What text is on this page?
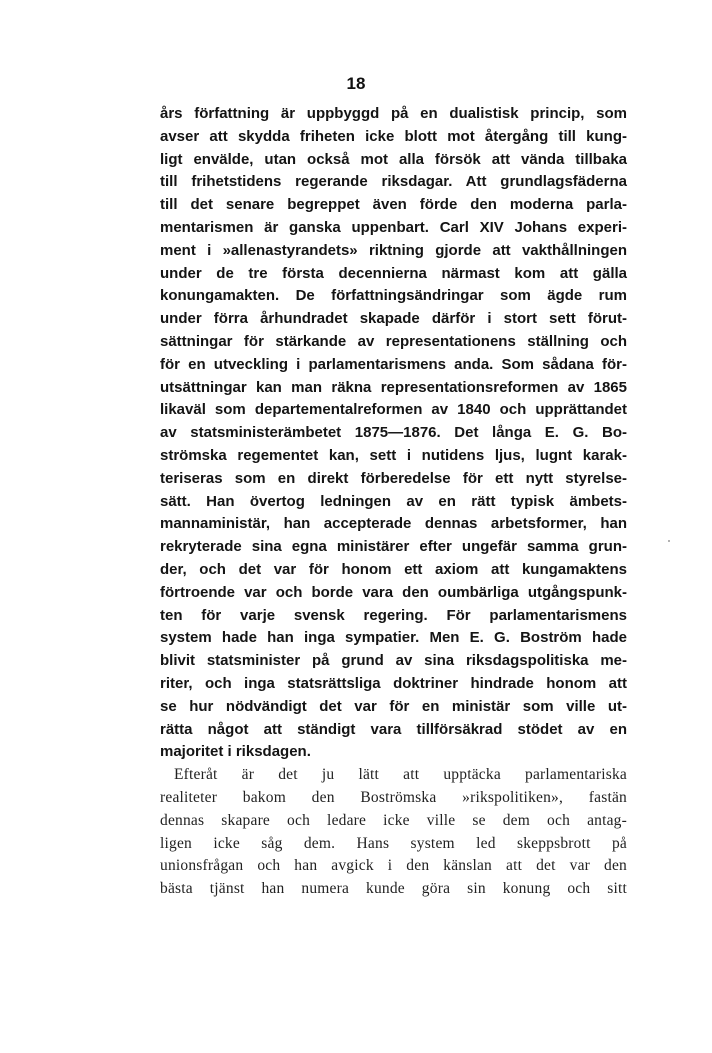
18
års författning är uppbyggd på en dualistisk princip, som
avser att skydda friheten icke blott mot återgång till kung-
ligt envälde, utan också mot alla försök att vända tillbaka
till frihetstidens regerande riksdagar. Att grundlagsfäderna
till det senare begreppet även förde den moderna parla-
mentarismen är ganska uppenbart. Carl XIV Johans experi-
ment i »allenastyrandets» riktning gjorde att vakthållningen
under de tre första decennierna närmast kom att gälla
konungamakten. De författningsändringar som ägde rum
under förra århundradet skapade därför i stort sett förut-
sättningar för stärkande av representationens ställning och
för en utveckling i parlamentarismens anda. Som sådana för-
utsättningar kan man räkna representationsreformen av 1865
likaväl som departementalreformen av 1840 och upprättandet
av statsministerämbetet 1875—1876. Det långa E. G. Bo-
strömska regementet kan, sett i nutidens ljus, lugnt karak-
teriseras som en direkt förberedelse för ett nytt styrelse-
sätt. Han övertog ledningen av en rätt typisk ämbets-
mannaministär, han accepterade dennas arbetsformer, han
rekryterade sina egna ministärer efter ungefär samma grun-
der, och det var för honom ett axiom att kungamaktens
förtroende var och borde vara den oumbärliga utgångspunk-
ten för varje svensk regering. För parlamentarismens
system hade han inga sympatier. Men E. G. Boström hade
blivit statsminister på grund av sina riksdagspolitiska me-
riter, och inga statsrättsliga doktriner hindrade honom att
se hur nödvändigt det var för en ministär som ville ut-
rätta något att ständigt vara tillförsäkrad stödet av en
majoritet i riksdagen.
Efteråt är det ju lätt att upptäcka parlamentariska
realiteter bakom den Boströmska »rikspolitiken», fastän
dennas skapare och ledare icke ville se dem och antag-
ligen icke såg dem. Hans system led skeppsbrott på
unionsfrågan och han avgick i den känslan att det var den
bästa tjänst han numera kunde göra sin konung och sitt
